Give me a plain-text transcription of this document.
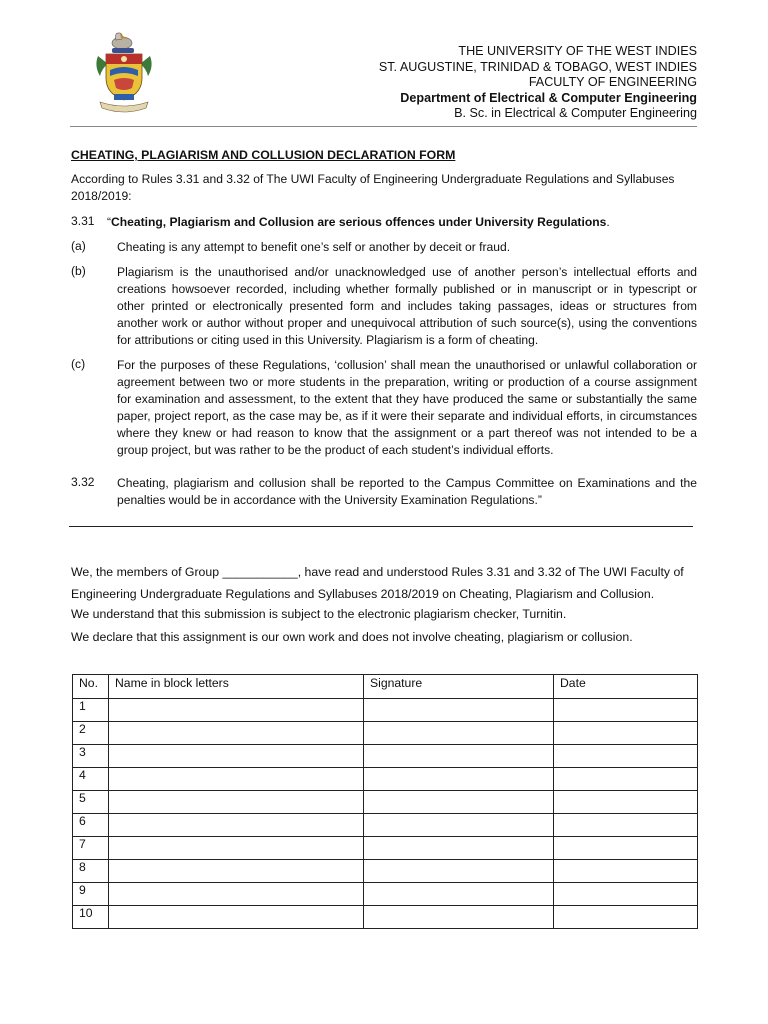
THE UNIVERSITY OF THE WEST INDIES
ST. AUGUSTINE, TRINIDAD & TOBAGO, WEST INDIES
FACULTY OF ENGINEERING
Department of Electrical & Computer Engineering
B. Sc. in Electrical & Computer Engineering
CHEATING, PLAGIARISM AND COLLUSION DECLARATION FORM
According to Rules 3.31 and 3.32 of The UWI Faculty of Engineering Undergraduate Regulations and Syllabuses 2018/2019:
3.31 “Cheating, Plagiarism and Collusion are serious offences under University Regulations.
(a)	Cheating is any attempt to benefit one’s self or another by deceit or fraud.
(b)	Plagiarism is the unauthorised and/or unacknowledged use of another person’s intellectual efforts and creations howsoever recorded, including whether formally published or in manuscript or in typescript or other printed or electronically presented form and includes taking passages, ideas or structures from another work or author without proper and unequivocal attribution of such source(s), using the conventions for attributions or citing used in this University. Plagiarism is a form of cheating.
(c)	For the purposes of these Regulations, ‘collusion’ shall mean the unauthorised or unlawful collaboration or agreement between two or more students in the preparation, writing or production of a course assignment for examination and assessment, to the extent that they have produced the same or substantially the same paper, project report, as the case may be, as if it were their separate and individual efforts, in circumstances where they knew or had reason to know that the assignment or a part thereof was not intended to be a group project, but was rather to be the product of each student’s individual efforts.
3.32 Cheating, plagiarism and collusion shall be reported to the Campus Committee on Examinations and the penalties would be in accordance with the University Examination Regulations.”
We, the members of Group ___________, have read and understood Rules 3.31 and 3.32 of The UWI Faculty of Engineering Undergraduate Regulations and Syllabuses 2018/2019 on Cheating, Plagiarism and Collusion.
We understand that this submission is subject to the electronic plagiarism checker, Turnitin.
We declare that this assignment is our own work and does not involve cheating, plagiarism or collusion.
No.	Name in block letters	Signature	Date
1			
2			
3			
4			
5			
6			
7			
8			
9			
10			
